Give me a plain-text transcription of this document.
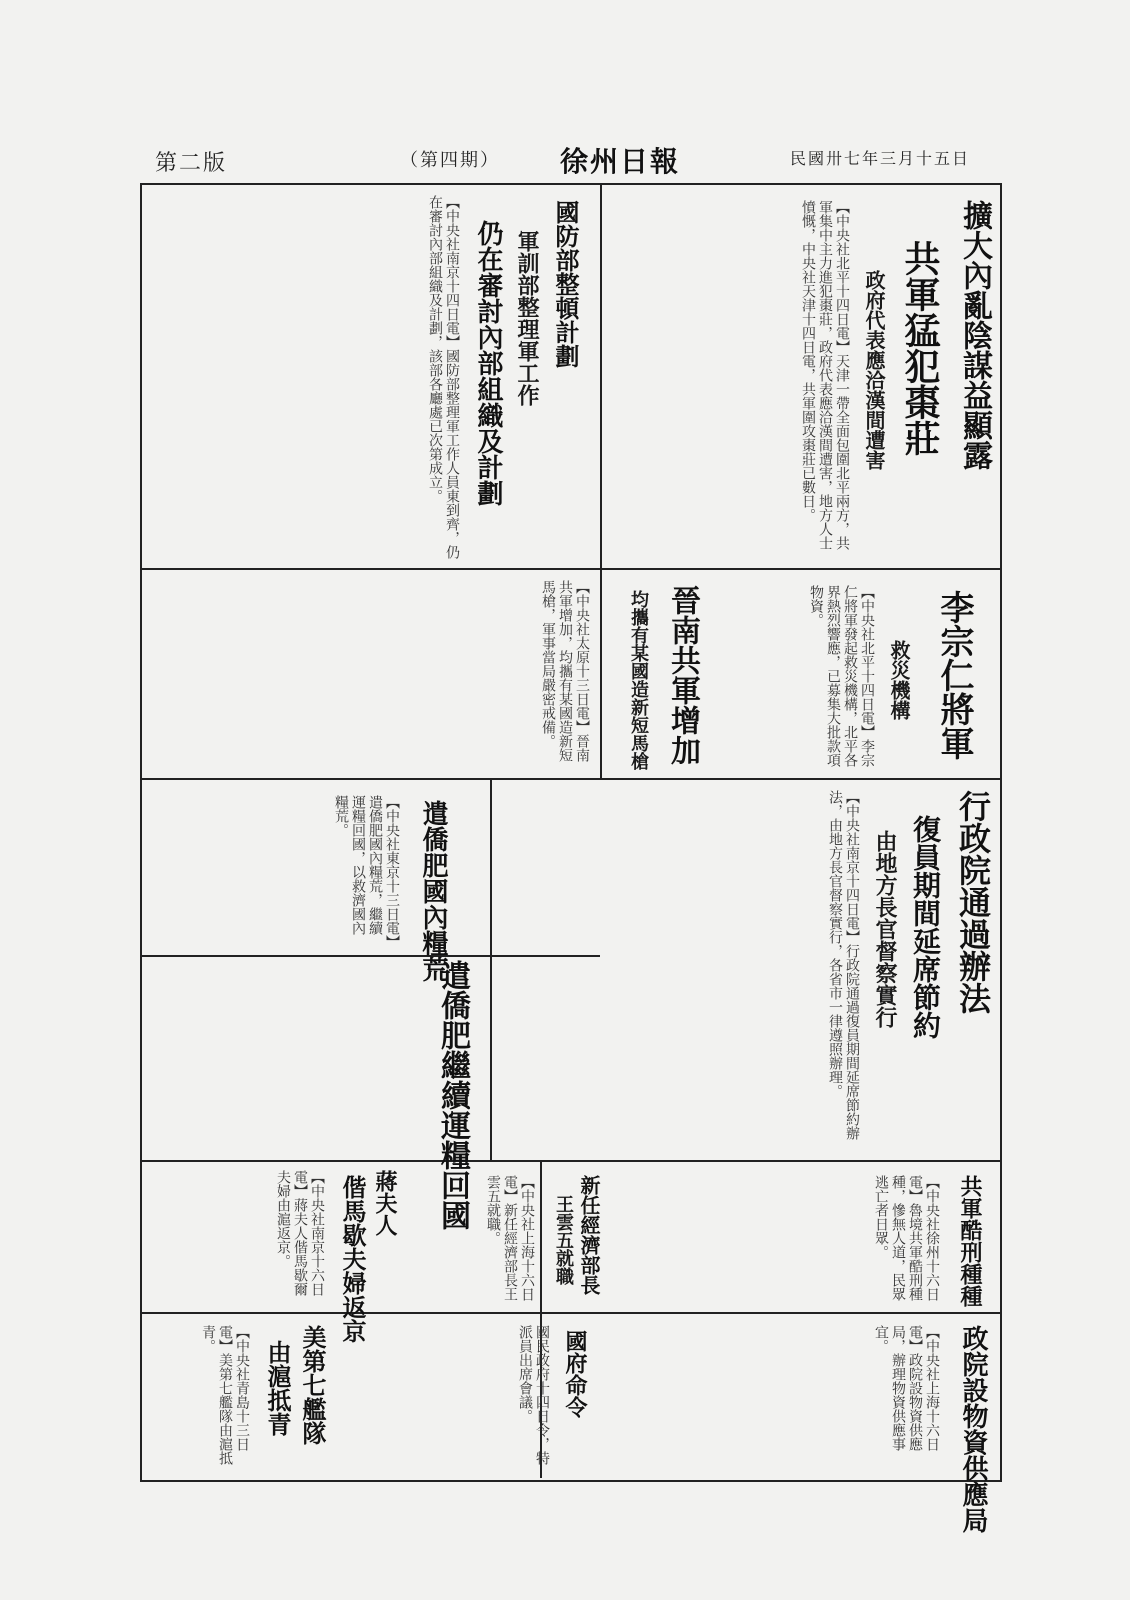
第二版	（第四期） 徐州日報	民國卅七年三月十五日
擴大內亂陰謀益顯露
共軍猛犯棗莊
政府代表應洽漢間遭害
【中央社北平十四日電】天津一帶全面包圍北平兩方，共軍集中主力進犯棗莊，政府代表應洽漢間遭害，地方人士憤慨，中央社天津十四日電，共軍圍攻棗莊已數日。
國防部整頓計劃
仍在審討內部組織及計劃 軍訓部整理軍工作
【中央社南京十四日電】國防部整理軍工作人員東到齊，仍在審討內部組織及計劃，該部各廳處已次第成立。
李宗仁將軍
救災機構
【中央社北平十四日電】李宗仁將軍發起救災機構，北平各界熱烈響應，已募集大批款項物資。
晉南共軍增加
均攜有某國造新短馬槍
【中央社太原十三日電】晉南共軍增加，均攜有某國造新短馬槍，軍事當局嚴密戒備。
行政院通過辦法
復員期間延席節約
由地方長官督察實行
【中央社南京十四日電】行政院通過復員期間延席節約辦法，由地方長官督察實行，各省市一律遵照辦理。
遣僑肥國內糧荒
遣僑肥繼續運糧回國
【中央社東京十三日電】遣僑肥國內糧荒，繼續運糧回國，以救濟國內糧荒。
共軍酷刑種種
【中央社徐州十六日電】魯境共軍酷刑種種，慘無人道，民眾逃亡者日眾。
蔣夫人
偕馬歇夫婦返京
【中央社南京十六日電】蔣夫人偕馬歇爾夫婦由滬返京。	新任經濟部長
王雲五就職
【中央社上海十六日電】新任經濟部長王雲五就職。
政院設物資供應局
【中央社上海十六日電】政院設物資供應局，辦理物資供應事宜。
國府命令
國民政府十四日令，特派員出席會議。
美第七艦隊
由滬抵青
【中央社青島十三日電】美第七艦隊由滬抵青。
